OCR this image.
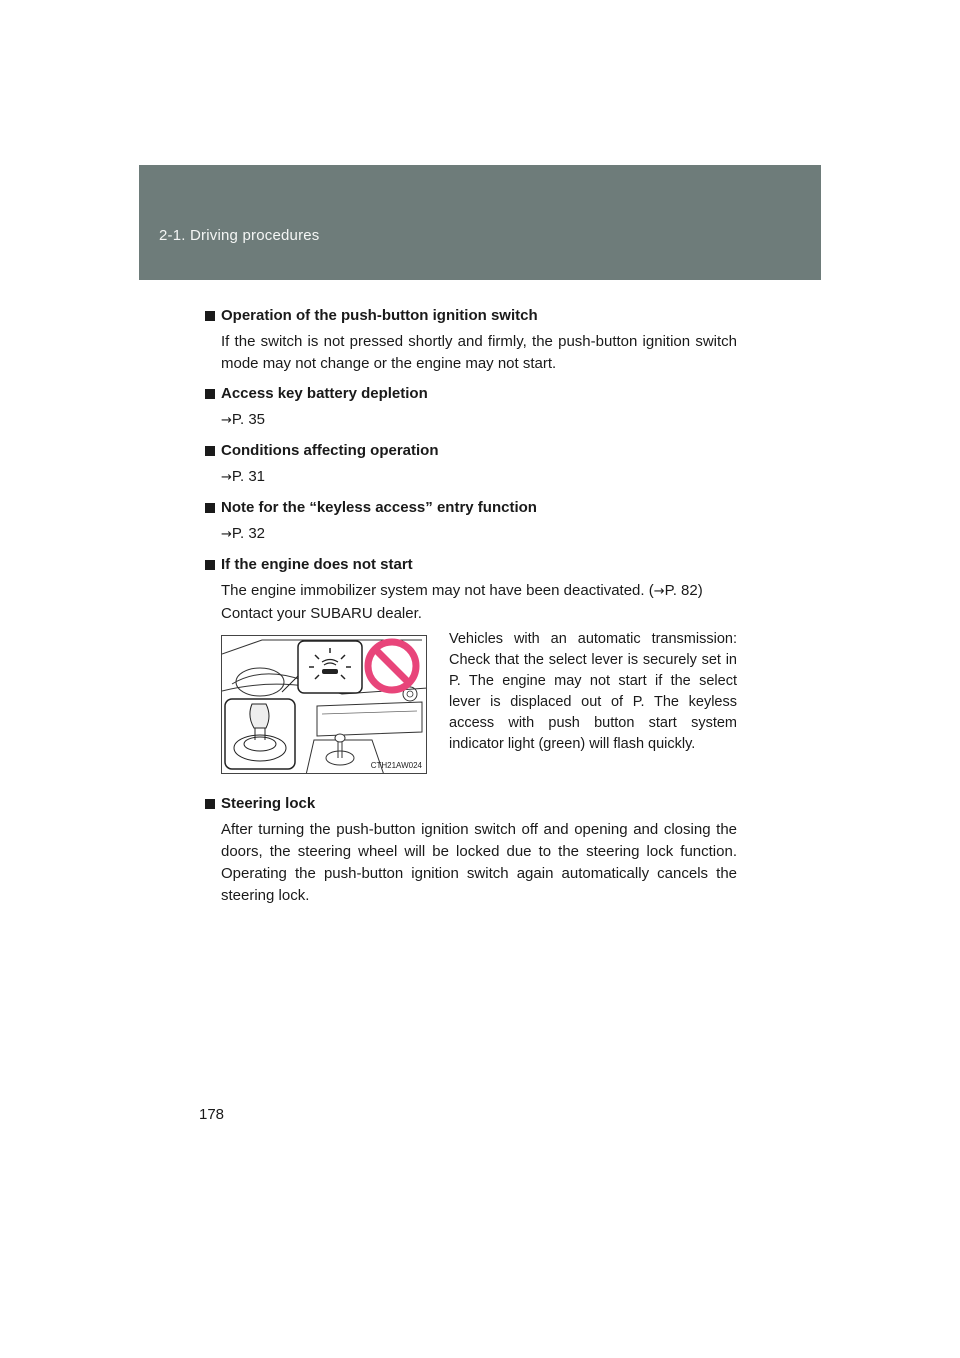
2-1. Driving procedures

Operation of the push-button ignition switch

If the switch is not pressed shortly and firmly, the push-button ignition switch mode may not change or the engine may not start.

Access key battery depletion

→P. 35

Conditions affecting operation

→P. 31

Note for the “keyless access” entry function

→P. 32

If the engine does not start

The engine immobilizer system may not have been deactivated. (→P. 82)
Contact your SUBARU dealer.

CTH21AW024
Vehicles with an automatic transmission: Check that the select lever is securely set in P. The engine may not start if the select lever is displaced out of P. The keyless access with push button start system indicator light (green) will flash quickly.

Steering lock

After turning the push-button ignition switch off and opening and closing the doors, the steering wheel will be locked due to the steering lock function. Operating the push-button ignition switch again automatically cancels the steering lock.

178
